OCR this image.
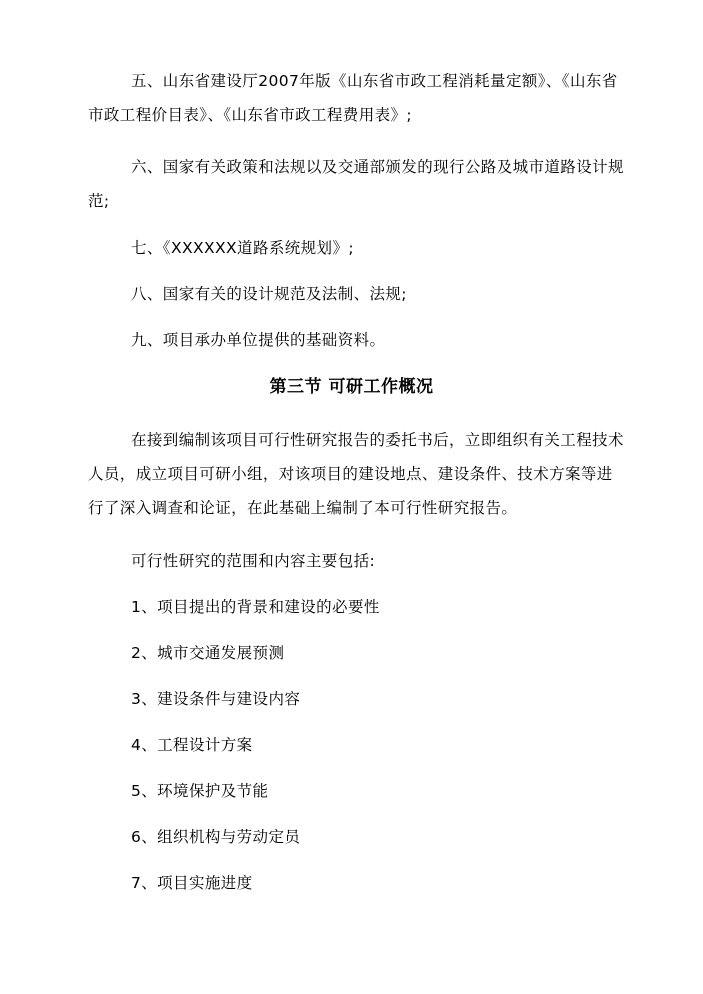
五、山东省建设厅2007年版《山东省市政工程消耗量定额》、《山东省市政工程价目表》、《山东省市政工程费用表》;
六、国家有关政策和法规以及交通部颁发的现行公路及城市道路设计规范;
七、《XXXXXX道路系统规划》;
八、国家有关的设计规范及法制、法规;
九、项目承办单位提供的基础资料。
第三节 可研工作概况
在接到编制该项目可行性研究报告的委托书后，立即组织有关工程技术人员，成立项目可研小组，对该项目的建设地点、建设条件、技术方案等进行了深入调查和论证，在此基础上编制了本可行性研究报告。
可行性研究的范围和内容主要包括:
1、项目提出的背景和建设的必要性
2、城市交通发展预测
3、建设条件与建设内容
4、工程设计方案
5、环境保护及节能
6、组织机构与劳动定员
7、项目实施进度
